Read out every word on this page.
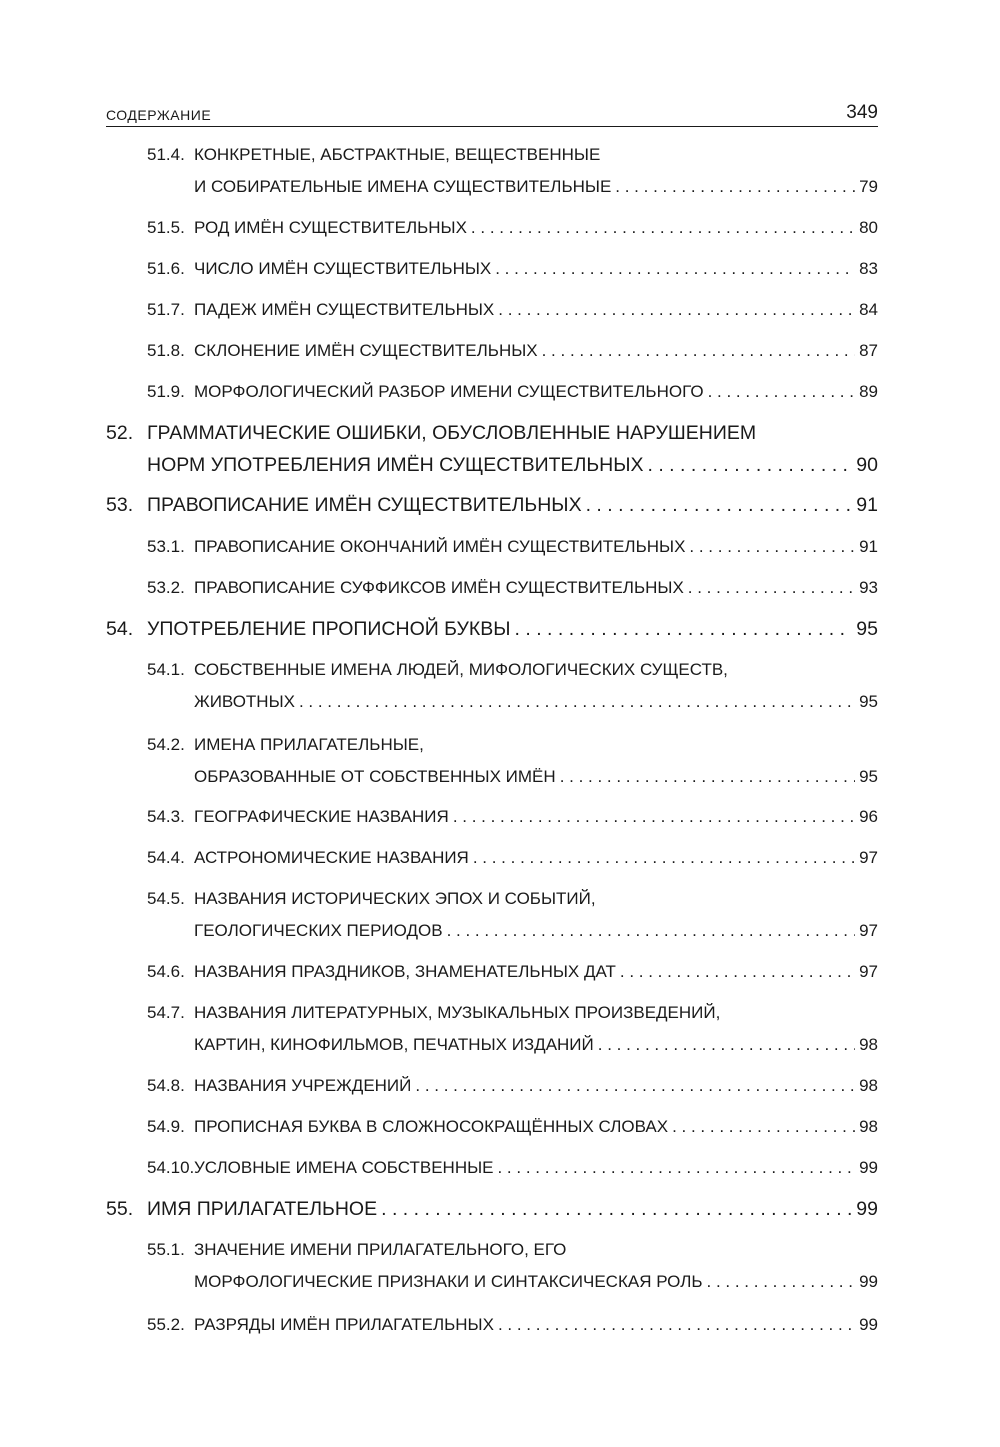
СОДЕРЖАНИЕ	349
51.4. КОНКРЕТНЫЕ, АБСТРАКТНЫЕ, ВЕЩЕСТВЕННЫЕ
И СОБИРАТЕЛЬНЫЕ ИМЕНА СУЩЕСТВИТЕЛЬНЫЕ . . .	79
51.5. РОД ИМЁН СУЩЕСТВИТЕЛЬНЫХ . . .	80
51.6. ЧИСЛО ИМЁН СУЩЕСТВИТЕЛЬНЫХ . . .	83
51.7. ПАДЕЖ ИМЁН СУЩЕСТВИТЕЛЬНЫХ . . .	84
51.8. СКЛОНЕНИЕ ИМЁН СУЩЕСТВИТЕЛЬНЫХ . . .	87
51.9. МОРФОЛОГИЧЕСКИЙ РАЗБОР ИМЕНИ СУЩЕСТВИТЕЛЬНОГО . . .	89
52. ГРАММАТИЧЕСКИЕ ОШИБКИ, ОБУСЛОВЛЕННЫЕ НАРУШЕНИЕМ
НОРМ УПОТРЕБЛЕНИЯ ИМЁН СУЩЕСТВИТЕЛЬНЫХ . . .	90
53. ПРАВОПИСАНИЕ ИМЁН СУЩЕСТВИТЕЛЬНЫХ . . .	91
53.1. ПРАВОПИСАНИЕ ОКОНЧАНИЙ ИМЁН СУЩЕСТВИТЕЛЬНЫХ . . .	91
53.2. ПРАВОПИСАНИЕ СУФФИКСОВ ИМЁН СУЩЕСТВИТЕЛЬНЫХ . . .	93
54. УПОТРЕБЛЕНИЕ ПРОПИСНОЙ БУКВЫ . . .	95
54.1. СОБСТВЕННЫЕ ИМЕНА ЛЮДЕЙ, МИФОЛОГИЧЕСКИХ СУЩЕСТВ,
ЖИВОТНЫХ . . .	95
54.2. ИМЕНА ПРИЛАГАТЕЛЬНЫЕ,
ОБРАЗОВАННЫЕ ОТ СОБСТВЕННЫХ ИМЁН . . .	95
54.3. ГЕОГРАФИЧЕСКИЕ НАЗВАНИЯ . . .	96
54.4. АСТРОНОМИЧЕСКИЕ НАЗВАНИЯ . . .	97
54.5. НАЗВАНИЯ ИСТОРИЧЕСКИХ ЭПОХ И СОБЫТИЙ,
ГЕОЛОГИЧЕСКИХ ПЕРИОДОВ . . .	97
54.6. НАЗВАНИЯ ПРАЗДНИКОВ, ЗНАМЕНАТЕЛЬНЫХ ДАТ . . .	97
54.7. НАЗВАНИЯ ЛИТЕРАТУРНЫХ, МУЗЫКАЛЬНЫХ ПРОИЗВЕДЕНИЙ,
КАРТИН, КИНОФИЛЬМОВ, ПЕЧАТНЫХ ИЗДАНИЙ . . .	98
54.8. НАЗВАНИЯ УЧРЕЖДЕНИЙ . . .	98
54.9. ПРОПИСНАЯ БУКВА В СЛОЖНОСОКРАЩЁННЫХ СЛОВАХ . . .	98
54.10. УСЛОВНЫЕ ИМЕНА СОБСТВЕННЫЕ . . .	99
55. ИМЯ ПРИЛАГАТЕЛЬНОЕ . . .	99
55.1. ЗНАЧЕНИЕ ИМЕНИ ПРИЛАГАТЕЛЬНОГО, ЕГО
МОРФОЛОГИЧЕСКИЕ ПРИЗНАКИ И СИНТАКСИЧЕСКАЯ РОЛЬ . . .	99
55.2. РАЗРЯДЫ ИМЁН ПРИЛАГАТЕЛЬНЫХ . . .	99
